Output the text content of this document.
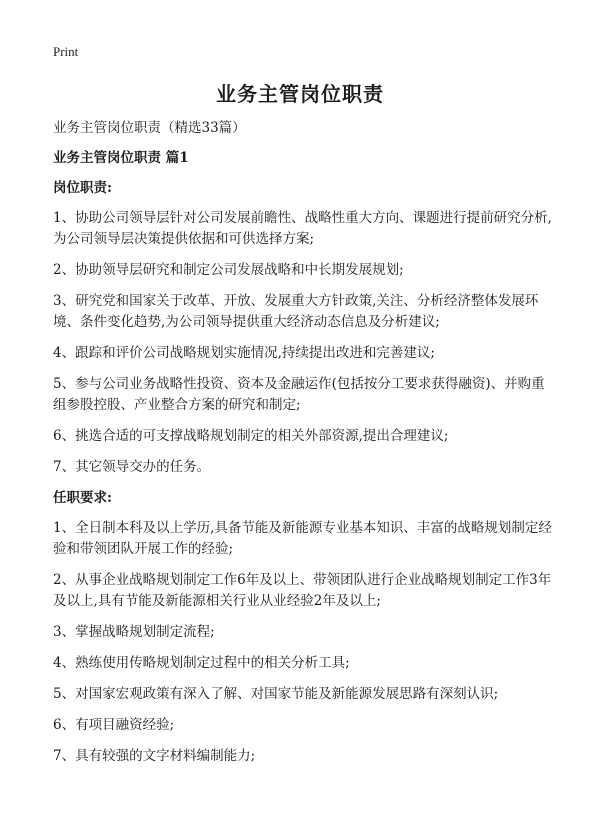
Print
业务主管岗位职责

业务主管岗位职责（精选33篇）

业务主管岗位职责 篇1

岗位职责:

1、协助公司领导层针对公司发展前瞻性、战略性重大方向、课题进行提前研究分析,为公司领导层决策提供依据和可供选择方案;

2、协助领导层研究和制定公司发展战略和中长期发展规划;

3、研究党和国家关于改革、开放、发展重大方针政策,关注、分析经济整体发展环境、条件变化趋势,为公司领导提供重大经济动态信息及分析建议;

4、跟踪和评价公司战略规划实施情况,持续提出改进和完善建议;

5、参与公司业务战略性投资、资本及金融运作(包括按分工要求获得融资)、并购重组参股控股、产业整合方案的研究和制定;

6、挑选合适的可支撑战略规划制定的相关外部资源,提出合理建议;

7、其它领导交办的任务。

任职要求:

1、全日制本科及以上学历,具备节能及新能源专业基本知识、丰富的战略规划制定经验和带领团队开展工作的经验;

2、从事企业战略规划制定工作6年及以上、带领团队进行企业战略规划制定工作3年及以上,具有节能及新能源相关行业从业经验2年及以上;

3、掌握战略规划制定流程;

4、熟练使用传略规划制定过程中的相关分析工具;

5、对国家宏观政策有深入了解、对国家节能及新能源发展思路有深刻认识;

6、有项目融资经验;

7、具有较强的文字材料编制能力;
